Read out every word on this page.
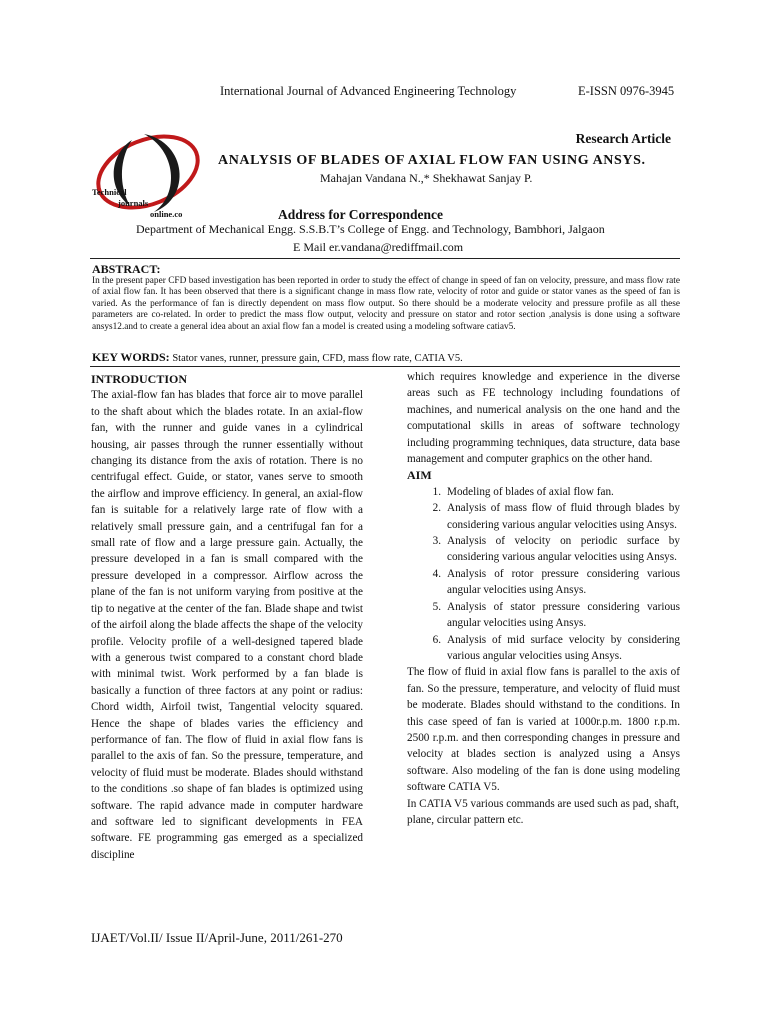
International Journal of Advanced Engineering Technology	E-ISSN 0976-3945
Technical
journals
online.co
Research Article
ANALYSIS OF BLADES OF AXIAL FLOW FAN USING ANSYS.
Mahajan Vandana N.,* Shekhawat Sanjay P.
Address for Correspondence
Department of Mechanical Engg. S.S.B.T’s College of Engg. and Technology, Bambhori, Jalgaon
E Mail er.vandana@rediffmail.com
ABSTRACT:
In the present paper CFD based investigation has been reported in order to study the effect of change in speed of fan on velocity, pressure, and mass flow rate of axial flow fan. It has been observed that there is a significant change in mass flow rate, velocity of rotor and guide or stator vanes as the speed of fan is varied. As the performance of fan is directly dependent on mass flow output. So there should be a moderate velocity and pressure profile as all these parameters are co-related. In order to predict the mass flow output, velocity and pressure on stator and rotor section ,analysis is done using a software ansys12.and to create a general idea about an axial flow fan a model is created using a modeling software catiav5.
KEY WORDS: Stator vanes, runner, pressure gain, CFD, mass flow rate, CATIA V5.
INTRODUCTION

The axial-flow fan has blades that force air to move parallel to the shaft about which the blades rotate. In an axial-flow fan, with the runner and guide vanes in a cylindrical housing, air passes through the runner essentially without changing its distance from the axis of rotation. There is no centrifugal effect. Guide, or stator, vanes serve to smooth the airflow and improve efficiency. In general, an axial-flow fan is suitable for a relatively large rate of flow with a relatively small pressure gain, and a centrifugal fan for a small rate of flow and a large pressure gain. Actually, the pressure developed in a fan is small compared with the pressure developed in a compressor. Airflow across the plane of the fan is not uniform varying from positive at the tip to negative at the center of the fan. Blade shape and twist of the airfoil along the blade affects the shape of the velocity profile. Velocity profile of a well-designed tapered blade with a generous twist compared to a constant chord blade with minimal twist. Work performed by a fan blade is basically a function of three factors at any point or radius: Chord width, Airfoil twist, Tangential velocity squared. Hence the shape of blades varies the efficiency and performance of fan. The flow of fluid in axial flow fans is parallel to the axis of fan. So the pressure, temperature, and velocity of fluid must be moderate. Blades should withstand to the conditions .so shape of fan blades is optimized using software. The rapid advance made in computer hardware and software led to significant developments in FEA software. FE programming gas emerged as a specialized discipline

which requires knowledge and experience in the diverse areas such as FE technology including foundations of machines, and numerical analysis on the one hand and the computational skills in areas of software technology including programming techniques, data structure, data base management and computer graphics on the other hand.

AIM
1. Modeling of blades of axial flow fan.
2. Analysis of mass flow of fluid through blades by considering various angular velocities using Ansys.
3. Analysis of velocity on periodic surface by considering various angular velocities using Ansys.
4. Analysis of rotor pressure considering various angular velocities using Ansys.
5. Analysis of stator pressure considering various angular velocities using Ansys.
6. Analysis of mid surface velocity by considering various angular velocities using Ansys.

The flow of fluid in axial flow fans is parallel to the axis of fan. So the pressure, temperature, and velocity of fluid must be moderate. Blades should withstand to the conditions. In this case speed of fan is varied at 1000r.p.m. 1800 r.p.m. 2500 r.p.m. and then corresponding changes in pressure and velocity at blades section is analyzed using a Ansys software. Also modeling of the fan is done using modeling software CATIA V5.

In CATIA V5 various commands are used such as pad, shaft, plane, circular pattern etc.

IJAET/Vol.II/ Issue II/April-June, 2011/261-270
